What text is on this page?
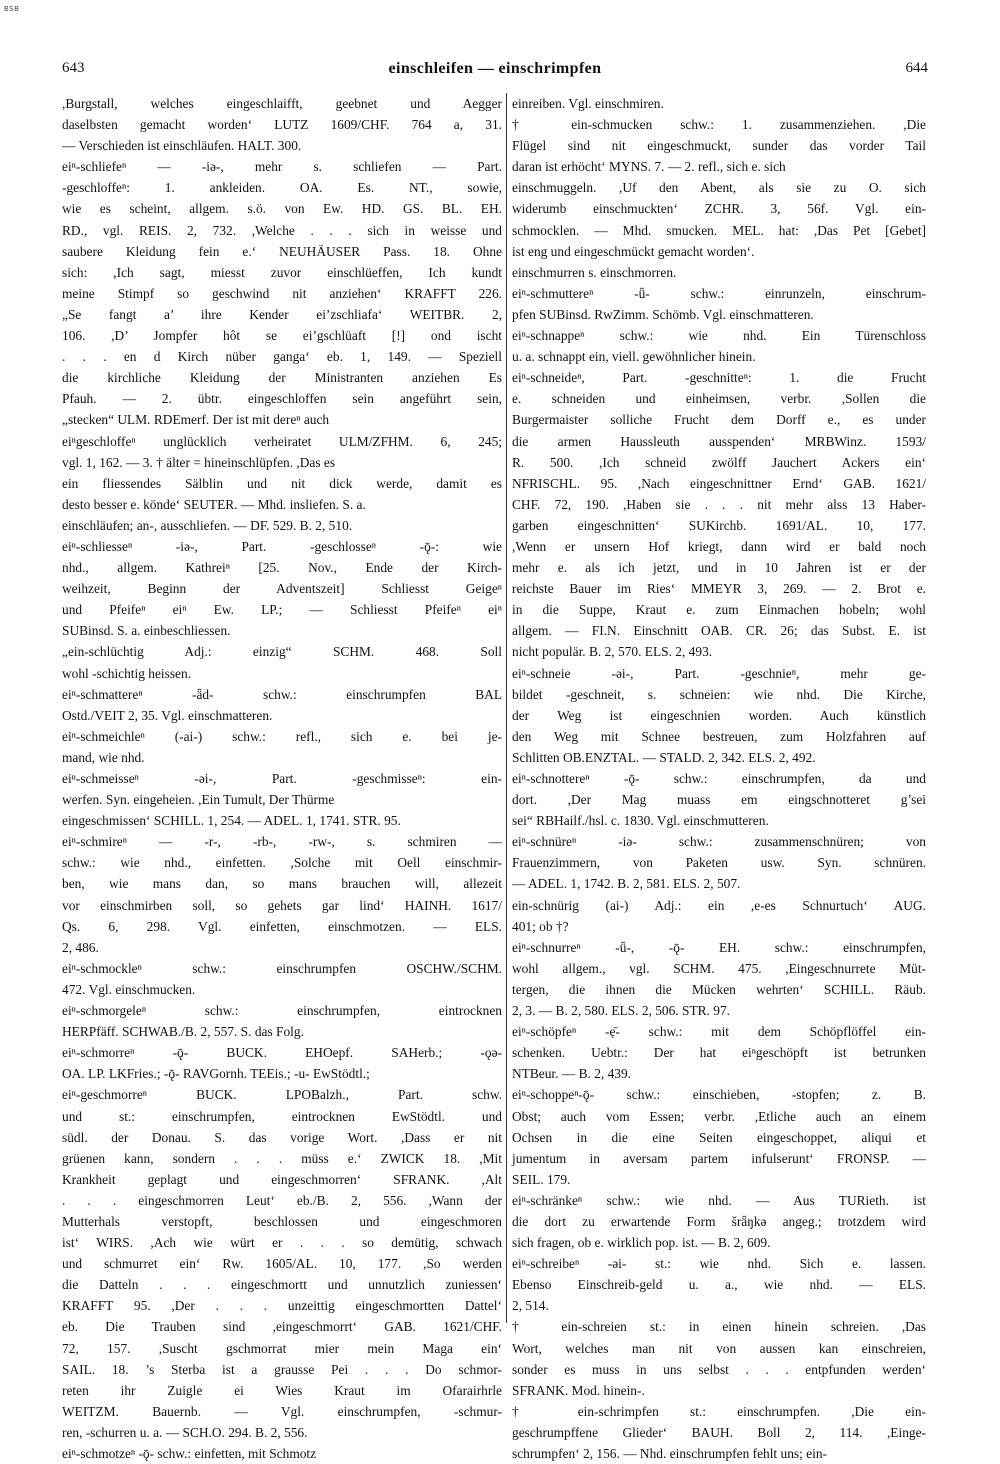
BSB
643	einschleifen — einschrimpfen	644
,Burgstall, welches eingeschlaifft, geebnet und Aegger
daselbsten gemacht worden‘ LUTZ 1609/CHF. 764 a, 31.
— Verschieden ist einschläufen. HALT. 300.
eiⁿ-schliefeⁿ — -iə-, mehr s. schliefen — Part.
-geschloffeⁿ: 1. ankleiden. OA. Es. NT., sowie,
wie es scheint, allgem. s.ö. von Ew. HD. GS. BL. EH.
RD., vgl. REIS. 2, 732. ,Welche . . . sich in weisse und
saubere Kleidung fein e.‘ NEUHÄUSER Pass. 18. Ohne
sich: ,Ich sagt, miesst zuvor einschlüeffen, Ich kundt
meine Stimpf so geschwind nit anziehen‘ KRAFFT 226.
„Se fangt a’ ihre Kender ei’zschliafa‘ WEITBR. 2,
106. ,D’ Jompfer hôt se ei’gschlüaft [!] ond ischt
. . . en d Kirch nüber ganga‘ eb. 1, 149. — Speziell
die kirchliche Kleidung der Ministranten anziehen Es
Pfauh. — 2. übtr. eingeschloffen sein angeführt sein,
„stecken“ ULM. RDEmerf. Der ist mit dereⁿ auch
eiⁿgeschloffeⁿ unglücklich verheiratet ULM/ZFHM. 6, 245;
vgl. 1, 162. — 3. † älter = hineinschlüpfen. ,Das es
ein fliessendes Sälblin und nit dick werde, damit es
desto besser e. könde‘ SEUTER. — Mhd. insliefen. S. a.
einschläufen; an-, ausschliefen. — DF. 529. B. 2, 510.
eiⁿ-schliesseⁿ -iə-, Part. -geschlosseⁿ -ǭ-: wie
nhd., allgem. Kathreiⁿ [25. Nov., Ende der Kirch-
weihzeit, Beginn der Adventszeit] Schliesst Geigeⁿ
und Pfeifeⁿ eiⁿ Ew. LP.; — Schliesst Pfeifeⁿ eiⁿ
SUBinsd. S. a. einbeschliessen.
„ein-schlüchtig Adj.: einzig“ SCHM. 468. Soll
wohl -schichtig heissen.
eiⁿ-schmattereⁿ -ǟd- schw.: einschrumpfen BAL
Ostd./VEIT 2, 35. Vgl. einschmatteren.
eiⁿ-schmeichleⁿ (-ai-) schw.: refl., sich e. bei je-
mand, wie nhd.
eiⁿ-schmeisseⁿ -əi-, Part. -geschmisseⁿ: ein-
werfen. Syn. eingeheien. ,Ein Tumult, Der Thürme
eingeschmissen‘ SCHILL. 1, 254. — ADEL. 1, 1741. STR. 95.
eiⁿ-schmireⁿ — -r-, -rb-, -rw-, s. schmiren —
schw.: wie nhd., einfetten. ,Solche mit Oell einschmir-
ben, wie mans dan, so mans brauchen will, allezeit
vor einschmirben soll, so gehets gar lind‘ HAINH. 1617/
Qs. 6, 298. Vgl. einfetten, einschmotzen. — ELS.
2, 486.
eiⁿ-schmockleⁿ schw.: einschrumpfen OSCHW./SCHM.
472. Vgl. einschmucken.
eiⁿ-schmorgeleⁿ schw.: einschrumpfen, eintrocknen
HERPfäff. SCHWAB./B. 2, 557. S. das Folg.
eiⁿ-schmorreⁿ -ǭ- BUCK. EHOepf. SAHerb.; -ǫə-
OA. LP. LKFries.; -ǭ- RAVGornh. TEEis.; -u- EwStödtl.;
eiⁿ-geschmorreⁿ BUCK. LPOBalzh., Part. schw.
und st.: einschrumpfen, eintrocknen EwStödtl. und
südl. der Donau. S. das vorige Wort. ,Dass er nit
grüenen kann, sondern . . . müss e.‘ ZWICK 18. ,Mit
Krankheit geplagt und eingeschmorren‘ SFRANK. ,Alt
. . . eingeschmorren Leut‘ eb./B. 2, 556. ,Wann der
Mutterhals verstopft, beschlossen und eingeschmoren
ist‘ WIRS. ,Ach wie würt er . . . so demütig, schwach
und schmurret ein‘ Rw. 1605/AL. 10, 177. ,So werden
die Datteln . . . eingeschmortt und unnutzlich zuniessen‘
KRAFFT 95. ,Der . . . unzeittig eingeschmortten Dattel‘
eb. Die Trauben sind ,eingeschmorrt‘ GAB. 1621/CHF.
72, 157. ,Suscht gschmorrat mier mein Maga ein‘
SAIL. 18. ’s Sterba ist a grausse Pei . . . Do schmor-
reten ihr Zuigle ei Wies Kraut im Ofarairhrle
WEITZM. Bauernb. — Vgl. einschrumpfen, -schmur-
ren, -schurren u. a. — SCH.O. 294. B. 2, 556.
eiⁿ-schmotzeⁿ -ǭ- schw.: einfetten, mit Schmotz
einreiben. Vgl. einschmiren.
† ein-schmucken schw.: 1. zusammenziehen. ,Die
Flügel sind nit eingeschmuckt, sunder das vorder Tail
daran ist erhöcht‘ MYNS. 7. — 2. refl., sich e. sich
einschmuggeln. ,Uf den Abent, als sie zu O. sich
widerumb einschmuckten‘ ZCHR. 3, 56f. Vgl. ein-
schmocklen. — Mhd. smucken. MEL. hat: ,Das Pet [Gebet]
ist eng und eingeschmückt gemacht worden‘.
einschmurren s. einschmorren.
eiⁿ-schmuttereⁿ -ǖ- schw.: einrunzeln, einschrum-
pfen SUBinsd. RwZimm. Schömb. Vgl. einschmatteren.
eiⁿ-schnappeⁿ schw.: wie nhd. Ein Türenschloss
u. a. schnappt ein, viell. gewöhnlicher hinein.
eiⁿ-schneideⁿ, Part. -geschnitteⁿ: 1. die Frucht
e. schneiden und einheimsen, verbr. ,Sollen die
Burgermaister solliche Frucht dem Dorff e., es under
die armen Haussleuth ausspenden‘ MRBWinz. 1593/
R. 500. ,Ich schneid zwölff Jauchert Ackers ein‘
NFRISCHL. 95. ,Nach eingeschnittner Ernd‘ GAB. 1621/
CHF. 72, 190. ,Haben sie . . . nit mehr alss 13 Haber-
garben eingeschnitten‘ SUKirchb. 1691/AL. 10, 177.
,Wenn er unsern Hof kriegt, dann wird er bald noch
mehr e. als ich jetzt, und in 10 Jahren ist er der
reichste Bauer im Ries‘ MMEYR 3, 269. — 2. Brot e.
in die Suppe, Kraut e. zum Einmachen hobeln; wohl
allgem. — FI.N. Einschnitt OAB. CR. 26; das Subst. E. ist
nicht populär. B. 2, 570. ELS. 2, 493.
eiⁿ-schneie -əi-, Part. -geschnieⁿ, mehr ge-
bildet -geschneit, s. schneien: wie nhd. Die Kirche,
der Weg ist eingeschnien worden. Auch künstlich
den Weg mit Schnee bestreuen, zum Holzfahren auf
Schlitten OB.ENZTAL. — STALD. 2, 342. ELS. 2, 492.
eiⁿ-schnottereⁿ -ǭ- schw.: einschrumpfen, da und
dort. ,Der Mag muass em eingschnotteret g’sei
sei“ RBHailf./hsl. c. 1830. Vgl. einschmutteren.
eiⁿ-schnüreⁿ -iə- schw.: zusammenschnüren; von
Frauenzimmern, von Paketen usw. Syn. schnüren.
— ADEL. 1, 1742. B. 2, 581. ELS. 2, 507.
ein-schnürig (ai-) Adj.: ein ,e-es Schnurtuch‘ AUG.
401; ob †?
eiⁿ-schnurreⁿ -ǖ-, -ǭ- EH. schw.: einschrumpfen,
wohl allgem., vgl. SCHM. 475. ,Eingeschnurrete Müt-
tergen, die ihnen die Mücken wehrten‘ SCHILL. Räub.
2, 3. — B. 2, 580. ELS. 2, 506. STR. 97.
eiⁿ-schöpfeⁿ -ẹ̄- schw.: mit dem Schöpflöffel ein-
schenken. Uebtr.: Der hat eiⁿgeschöpft ist betrunken
NTBeur. — B. 2, 439.
eiⁿ-schoppeⁿ-ǭ- schw.: einschieben, -stopfen; z. B.
Obst; auch vom Essen; verbr. ,Etliche auch an einem
Ochsen in die eine Seiten eingeschoppet, aliqui et
jumentum in aversam partem infulserunt‘ FRONSP. —
SEIL. 179.
eiⁿ-schränkeⁿ schw.: wie nhd. — Aus TURieth. ist
die dort zu erwartende Form šrǟŋkə angeg.; trotzdem wird
sich fragen, ob e. wirklich pop. ist. — B. 2, 609.
eiⁿ-schreibeⁿ -əi- st.: wie nhd. Sich e. lassen.
Ebenso Einschreib-geld u. a., wie nhd. — ELS.
2, 514.
† ein-schreien st.: in einen hinein schreien. ,Das
Wort, welches man nit von aussen kan einschreien,
sonder es muss in uns selbst . . . entpfunden werden‘
SFRANK. Mod. hinein-.
† ein-schrimpfen st.: einschrumpfen. ,Die ein-
geschrumpffene Glieder‘ BAUH. Boll 2, 114. ,Einge-
schrumpfen‘ 2, 156. — Nhd. einschrumpfen fehlt uns; ein-
